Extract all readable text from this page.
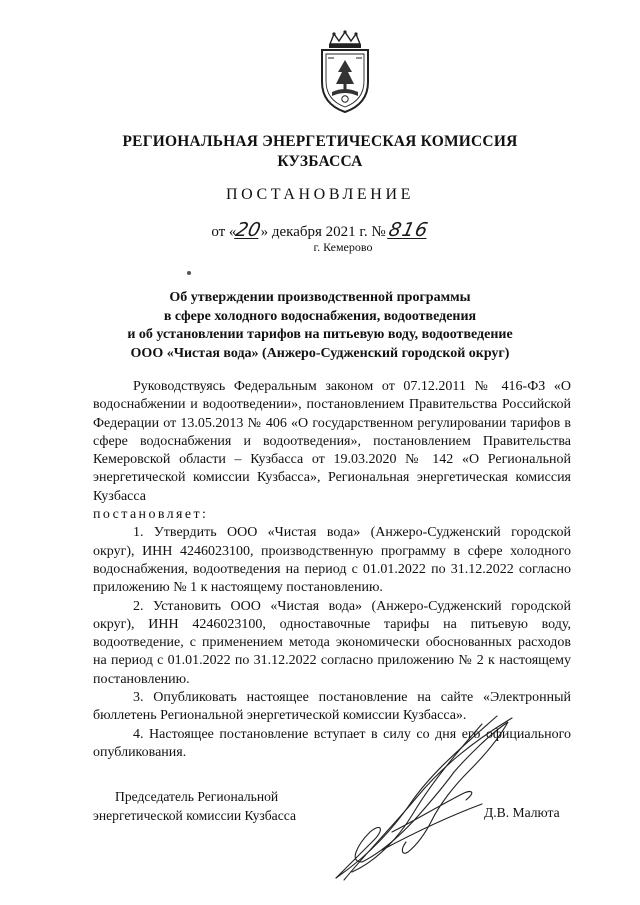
РЕГИОНАЛЬНАЯ ЭНЕРГЕТИЧЕСКАЯ КОМИССИЯ
КУЗБАССА
ПОСТАНОВЛЕНИЕ
от «20» декабря 2021 г. № 816
г. Кемерово
Об утверждении производственной программы
в сфере холодного водоснабжения, водоотведения
и об установлении тарифов на питьевую воду, водоотведение
ООО «Чистая вода» (Анжеро-Судженский городской округ)

Руководствуясь Федеральным законом от 07.12.2011 № 416-ФЗ «О водоснабжении и водоотведении», постановлением Правительства Российской Федерации от 13.05.2013 № 406 «О государственном регулировании тарифов в сфере водоснабжения и водоотведения», постановлением Правительства Кемеровской области – Кузбасса от 19.03.2020 № 142 «О Региональной энергетической комиссии Кузбасса», Региональная энергетическая комиссия Кузбасса

постановляет:

1. Утвердить ООО «Чистая вода» (Анжеро-Судженский городской округ), ИНН 4246023100, производственную программу в сфере холодного водоснабжения, водоотведения на период с 01.01.2022 по 31.12.2022 согласно приложению № 1 к настоящему постановлению.

2. Установить ООО «Чистая вода» (Анжеро-Судженский городской округ), ИНН 4246023100, одноставочные тарифы на питьевую воду, водоотведение, с применением метода экономически обоснованных расходов на период с 01.01.2022 по 31.12.2022 согласно приложению № 2 к настоящему постановлению.

3. Опубликовать настоящее постановление на сайте «Электронный бюллетень Региональной энергетической комиссии Кузбасса».

4. Настоящее постановление вступает в силу со дня его официального опубликования.

Председатель Региональной
энергетической комиссии Кузбасса	Д.В. Малюта
